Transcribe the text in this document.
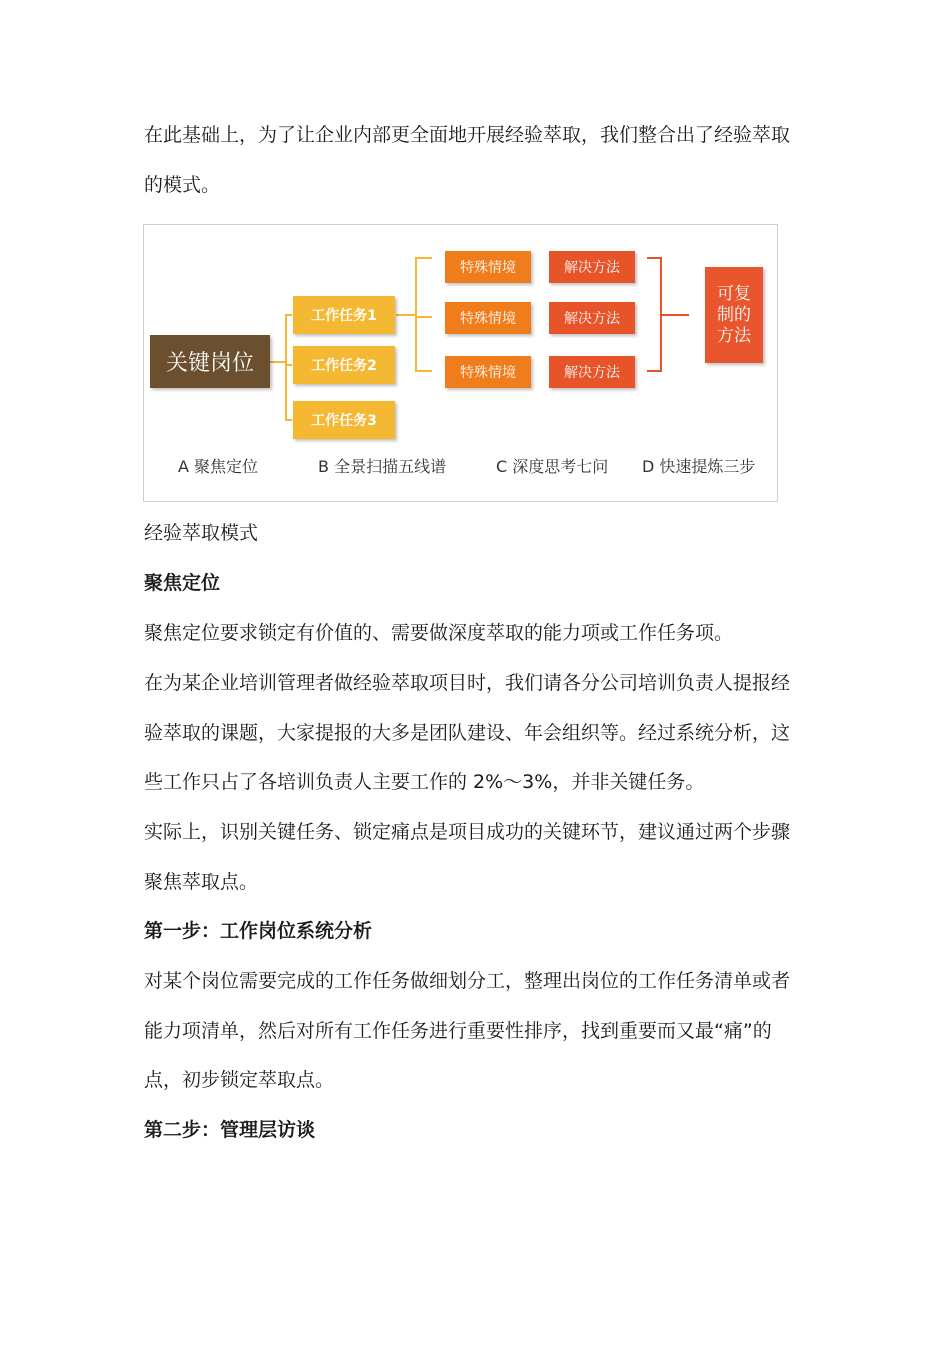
在此基础上，为了让企业内部更全面地开展经验萃取，我们整合出了经验萃取
的模式。

关键岗位
工作任务1
工作任务2
工作任务3
特殊情境
特殊情境
特殊情境
解决方法
解决方法
解决方法
可复
制的
方法
A 聚焦定位	B 全景扫描五线谱	C 深度思考七问 D 快速提炼三步

经验萃取模式

聚焦定位

聚焦定位要求锁定有价值的、需要做深度萃取的能力项或工作任务项。

在为某企业培训管理者做经验萃取项目时，我们请各分公司培训负责人提报经
验萃取的课题，大家提报的大多是团队建设、年会组织等。经过系统分析，这
些工作只占了各培训负责人主要工作的 2%～3%，并非关键任务。

实际上，识别关键任务、锁定痛点是项目成功的关键环节，建议通过两个步骤
聚焦萃取点。

第一步：工作岗位系统分析

对某个岗位需要完成的工作任务做细划分工，整理出岗位的工作任务清单或者
能力项清单，然后对所有工作任务进行重要性排序，找到重要而又最“痛”的
点，初步锁定萃取点。

第二步：管理层访谈
